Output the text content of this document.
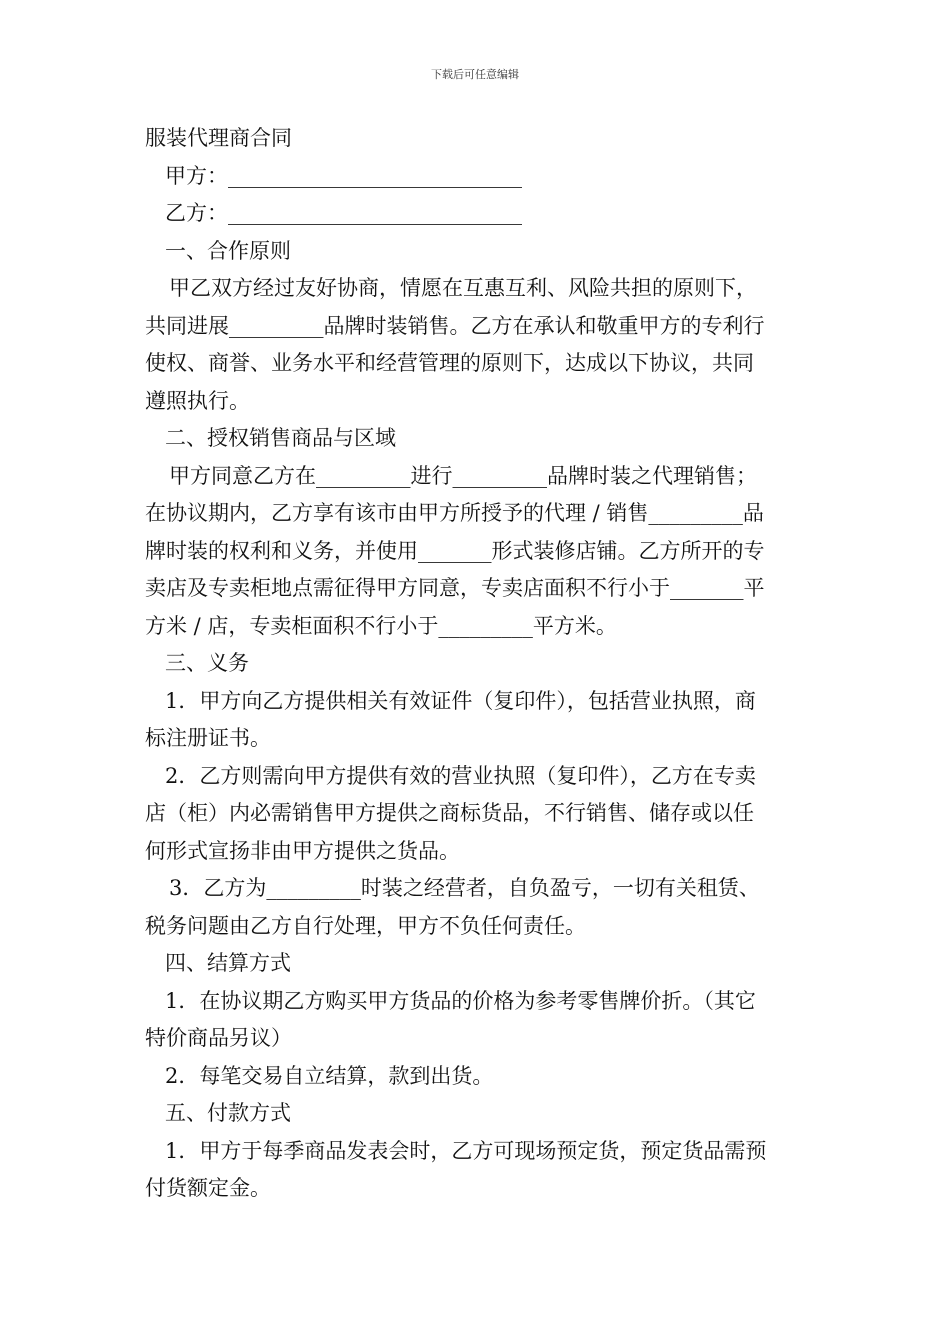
下载后可任意编辑
服装代理商合同
甲方：____________________________
乙方：____________________________
一、合作原则
甲乙双方经过友好协商，情愿在互惠互利、风险共担的原则下，
共同进展_________品牌时装销售。乙方在承认和敬重甲方的专利行
使权、商誉、业务水平和经营管理的原则下，达成以下协议，共同
遵照执行。
二、授权销售商品与区域
甲方同意乙方在_________进行_________品牌时装之代理销售；
在协议期内，乙方享有该市由甲方所授予的代理 / 销售_________品
牌时装的权利和义务，并使用_______形式装修店铺。乙方所开的专
卖店及专卖柜地点需征得甲方同意，专卖店面积不行小于_______平
方米 / 店，专卖柜面积不行小于_________平方米。
三、义务
1．甲方向乙方提供相关有效证件（复印件），包括营业执照，商
标注册证书。
2．乙方则需向甲方提供有效的营业执照（复印件），乙方在专卖
店（柜）内必需销售甲方提供之商标货品，不行销售、储存或以任
何形式宣扬非由甲方提供之货品。
3．乙方为_________时装之经营者，自负盈亏，一切有关租赁、
税务问题由乙方自行处理，甲方不负任何责任。
四、结算方式
1．在协议期乙方购买甲方货品的价格为参考零售牌价折。（其它
特价商品另议）
2．每笔交易自立结算，款到出货。
五、付款方式
1．甲方于每季商品发表会时，乙方可现场预定货，预定货品需预
付货额定金。
